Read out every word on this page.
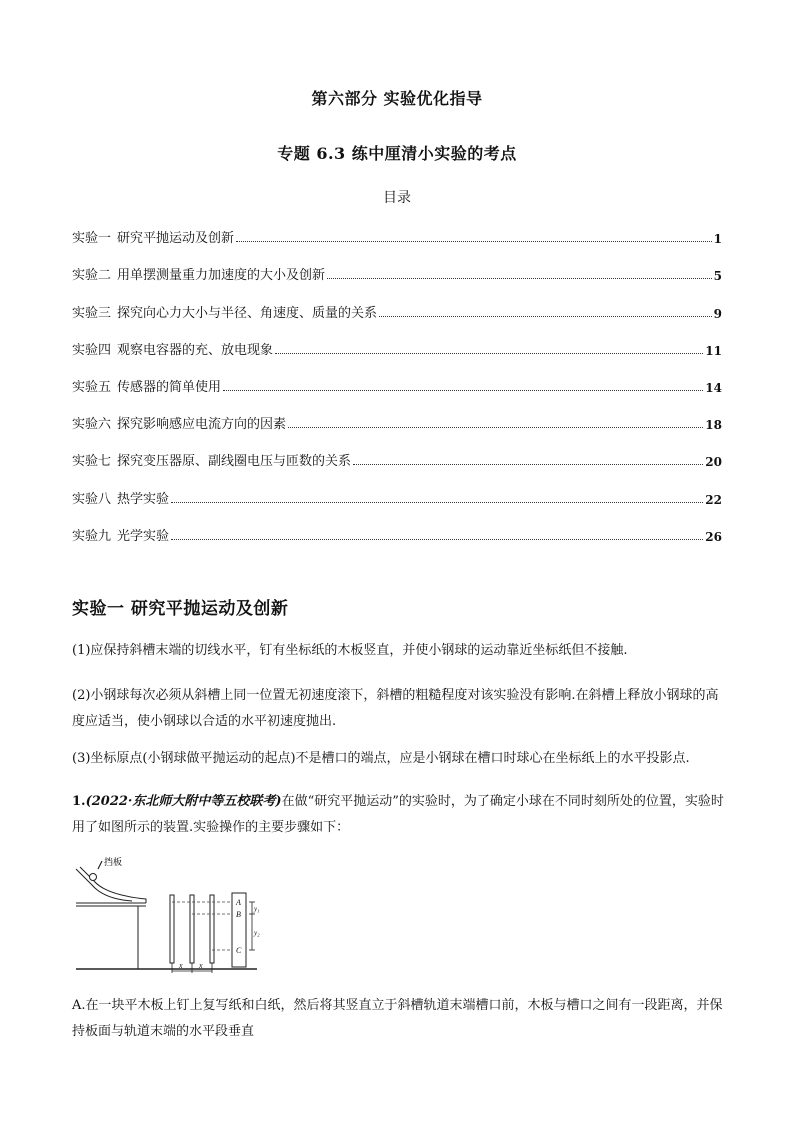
第六部分 实验优化指导
专题 6.3 练中厘清小实验的考点
目录
实验一 研究平抛运动及创新	1
实验二 用单摆测量重力加速度的大小及创新	5
实验三 探究向心力大小与半径、角速度、质量的关系	9
实验四 观察电容器的充、放电现象	11
实验五 传感器的简单使用	14
实验六 探究影响感应电流方向的因素	18
实验七 探究变压器原、副线圈电压与匝数的关系	20
实验八 热学实验	22
实验九 光学实验	26
实验一 研究平抛运动及创新

(1)应保持斜槽末端的切线水平，钉有坐标纸的木板竖直，并使小钢球的运动靠近坐标纸但不接触.

(2)小钢球每次必须从斜槽上同一位置无初速度滚下，斜槽的粗糙程度对该实验没有影响.在斜槽上释放小钢球的高度应适当，使小钢球以合适的水平初速度抛出.

(3)坐标原点(小钢球做平抛运动的起点)不是槽口的端点，应是小钢球在槽口时球心在坐标纸上的水平投影点.

1.(2022·东北师大附中等五校联考)在做“研究平抛运动”的实验时，为了确定小球在不同时刻所处的位置，实验时用了如图所示的装置.实验操作的主要步骤如下：

挡板
A
B
C
y₁
y₂
x x

A.在一块平木板上钉上复写纸和白纸，然后将其竖直立于斜槽轨道末端槽口前，木板与槽口之间有一段距离，并保持板面与轨道末端的水平段垂直
